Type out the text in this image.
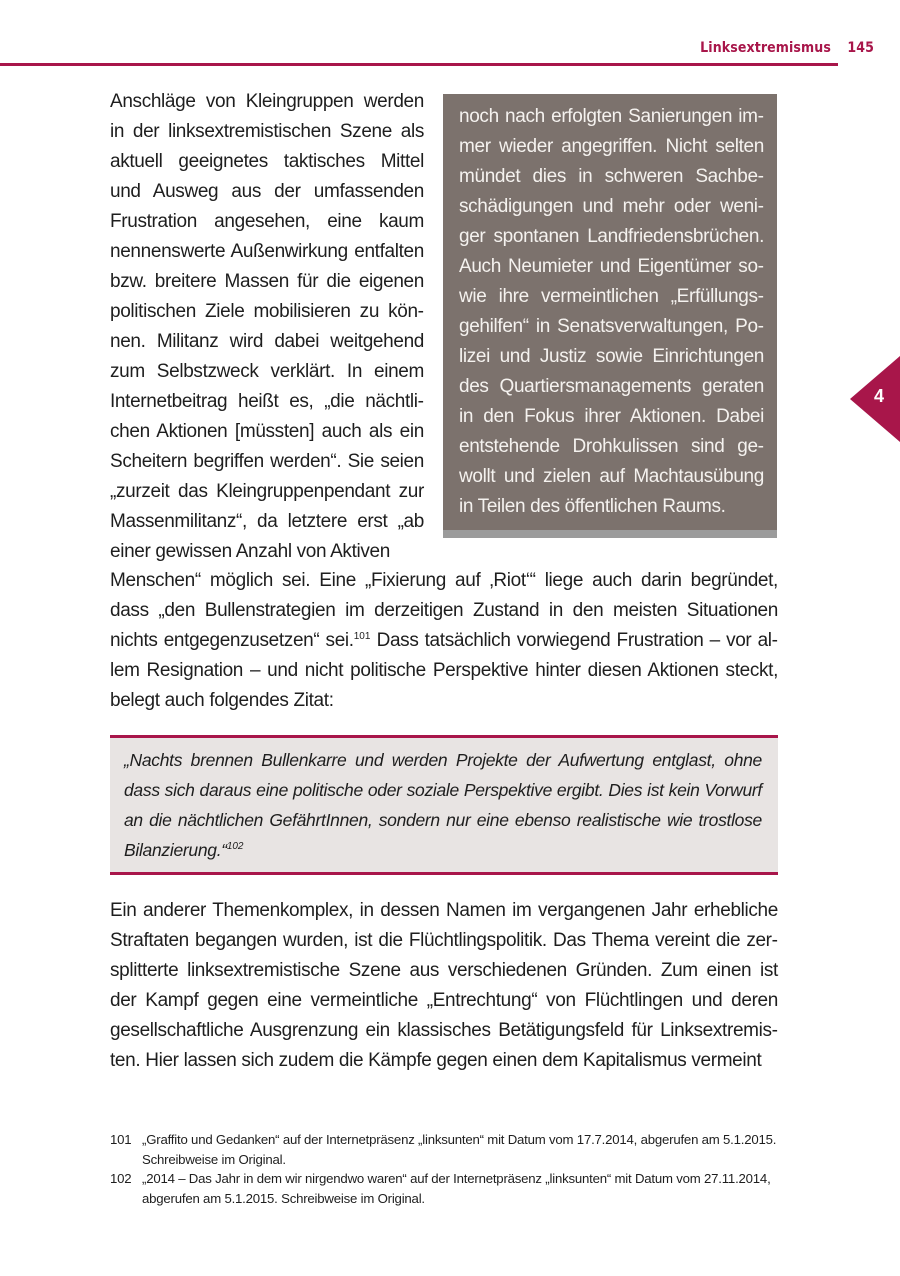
Linksextremismus 145
4

Anschläge von Kleingruppen werden in der linksextremistischen Szene als aktuell geeignetes taktisches Mittel und Ausweg aus der umfassenden Frustration angesehen, eine kaum nennenswerte Außenwirkung entfalten bzw. breitere Massen für die eigenen politischen Ziele mobilisieren zu können. Militanz wird dabei weitgehend zum Selbstzweck verklärt. In einem Internetbeitrag heißt es, „die nächtlichen Aktionen [müssten] auch als ein Scheitern begriffen werden“. Sie seien „zurzeit das Kleingruppenpendant zur Massenmilitanz“, da letztere erst „ab einer gewissen Anzahl von Aktiven

noch nach erfolgten Sanierungen immer wieder angegriffen. Nicht selten mündet dies in schweren Sachbeschädigungen und mehr oder weniger spontanen Landfriedensbrüchen. Auch Neumieter und Eigentümer sowie ihre vermeintlichen „Erfüllungsgehilfen“ in Senatsverwaltungen, Polizei und Justiz sowie Einrichtungen des Quartiersmanagements geraten in den Fokus ihrer Aktionen. Dabei entstehende Drohkulissen sind gewollt und zielen auf Machtausübung in Teilen des öffentlichen Raums.

Menschen“ möglich sei. Eine „Fixierung auf ‚Riot‘“ liege auch darin begründet, dass „den Bullenstrategien im derzeitigen Zustand in den meisten Situationen nichts entgegenzusetzen“ sei.$^{101}$ Dass tatsächlich vorwiegend Frustration – vor allem Resignation – und nicht politische Perspektive hinter diesen Aktionen steckt, belegt auch folgendes Zitat:

„Nachts brennen Bullenkarre und werden Projekte der Aufwertung entglast, ohne dass sich daraus eine politische oder soziale Perspektive ergibt. Dies ist kein Vorwurf an die nächtlichen GefährtInnen, sondern nur eine ebenso realistische wie trostlose Bilanzierung.“$^{102}$

Ein anderer Themenkomplex, in dessen Namen im vergangenen Jahr erhebliche Straftaten begangen wurden, ist die Flüchtlingspolitik. Das Thema vereint die zersplitterte linksextremistische Szene aus verschiedenen Gründen. Zum einen ist der Kampf gegen eine vermeintliche „Entrechtung“ von Flüchtlingen und deren gesellschaftliche Ausgrenzung ein klassisches Betätigungsfeld für Linksextremisten. Hier lassen sich zudem die Kämpfe gegen einen dem Kapitalismus vermeint

101 „Graffito und Gedanken“ auf der Internetpräsenz „linksunten“ mit Datum vom 17.7.2014, abgerufen am 5.1.2015. Schreibweise im Original.
102 „2014 – Das Jahr in dem wir nirgendwo waren“ auf der Internetpräsenz „linksunten“ mit Datum vom 27.11.2014, abgerufen am 5.1.2015. Schreibweise im Original.
